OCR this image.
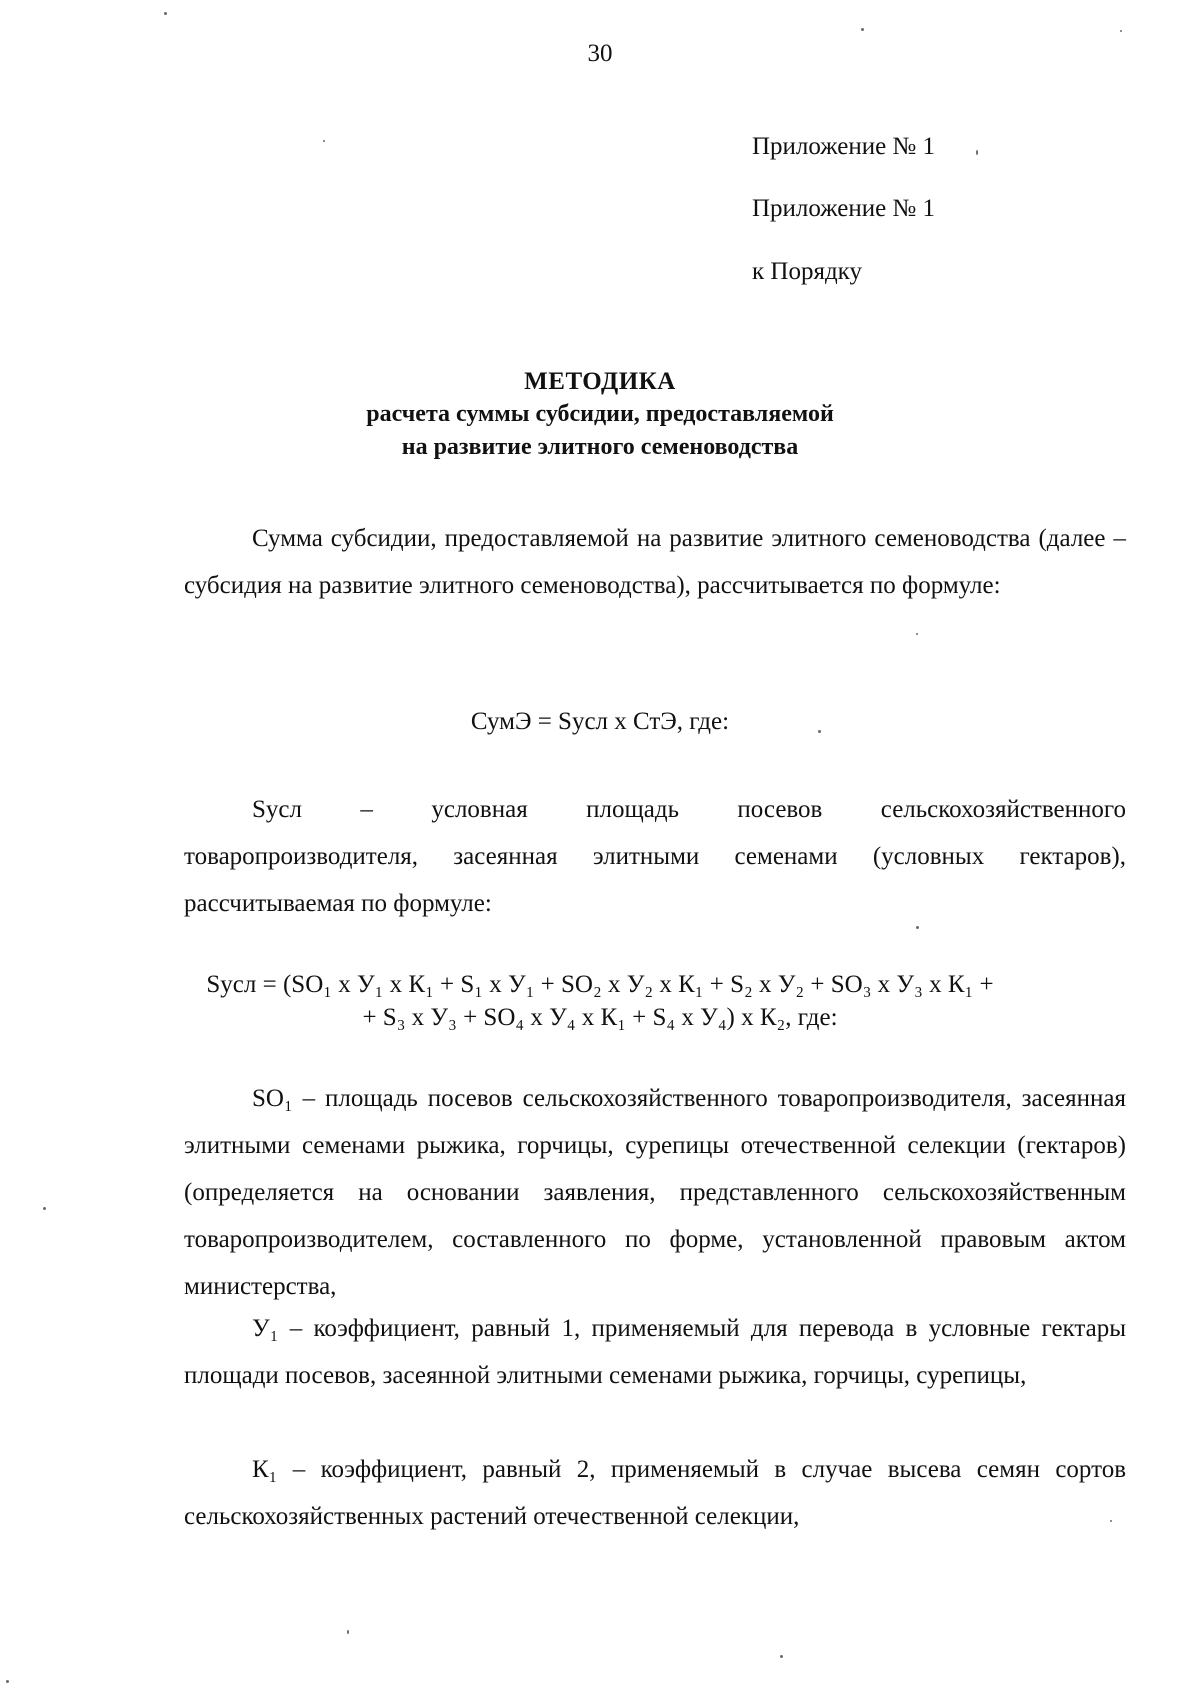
30
Приложение № 1
Приложение № 1
к Порядку
МЕТОДИКА
расчета суммы субсидии, предоставляемой
на развитие элитного семеноводства
Сумма субсидии, предоставляемой на развитие элитного семеноводства (далее – субсидия на развитие элитного семеноводства), рассчитывается по формуле:
СумЭ = Sусл х СтЭ, где:
Sусл – условная площадь посевов сельскохозяйственного
товаропроизводителя, засеянная элитными семенами (условных гектаров), рассчитываемая по формуле:
Sусл = (SO₁ х У₁ х К₁ + S₁ х У₁ + SO₂ х У₂ х К₁ + S₂ х У₂ + SO₃ х У₃ х К₁ +
+ S₃ х У₃ + SO₄ х У₄ х К₁ + S₄ х У₄) х К₂, где:
SO₁ – площадь посевов сельскохозяйственного товаропроизводителя, засеянная элитными семенами рыжика, горчицы, сурепицы отечественной селекции (гектаров) (определяется на основании заявления, представленного сельскохозяйственным товаропроизводителем, составленного по форме, установленной правовым актом министерства,
У₁ – коэффициент, равный 1, применяемый для перевода в условные гектары площади посевов, засеянной элитными семенами рыжика, горчицы, сурепицы,
К₁ – коэффициент, равный 2, применяемый в случае высева семян сортов сельскохозяйственных растений отечественной селекции,
